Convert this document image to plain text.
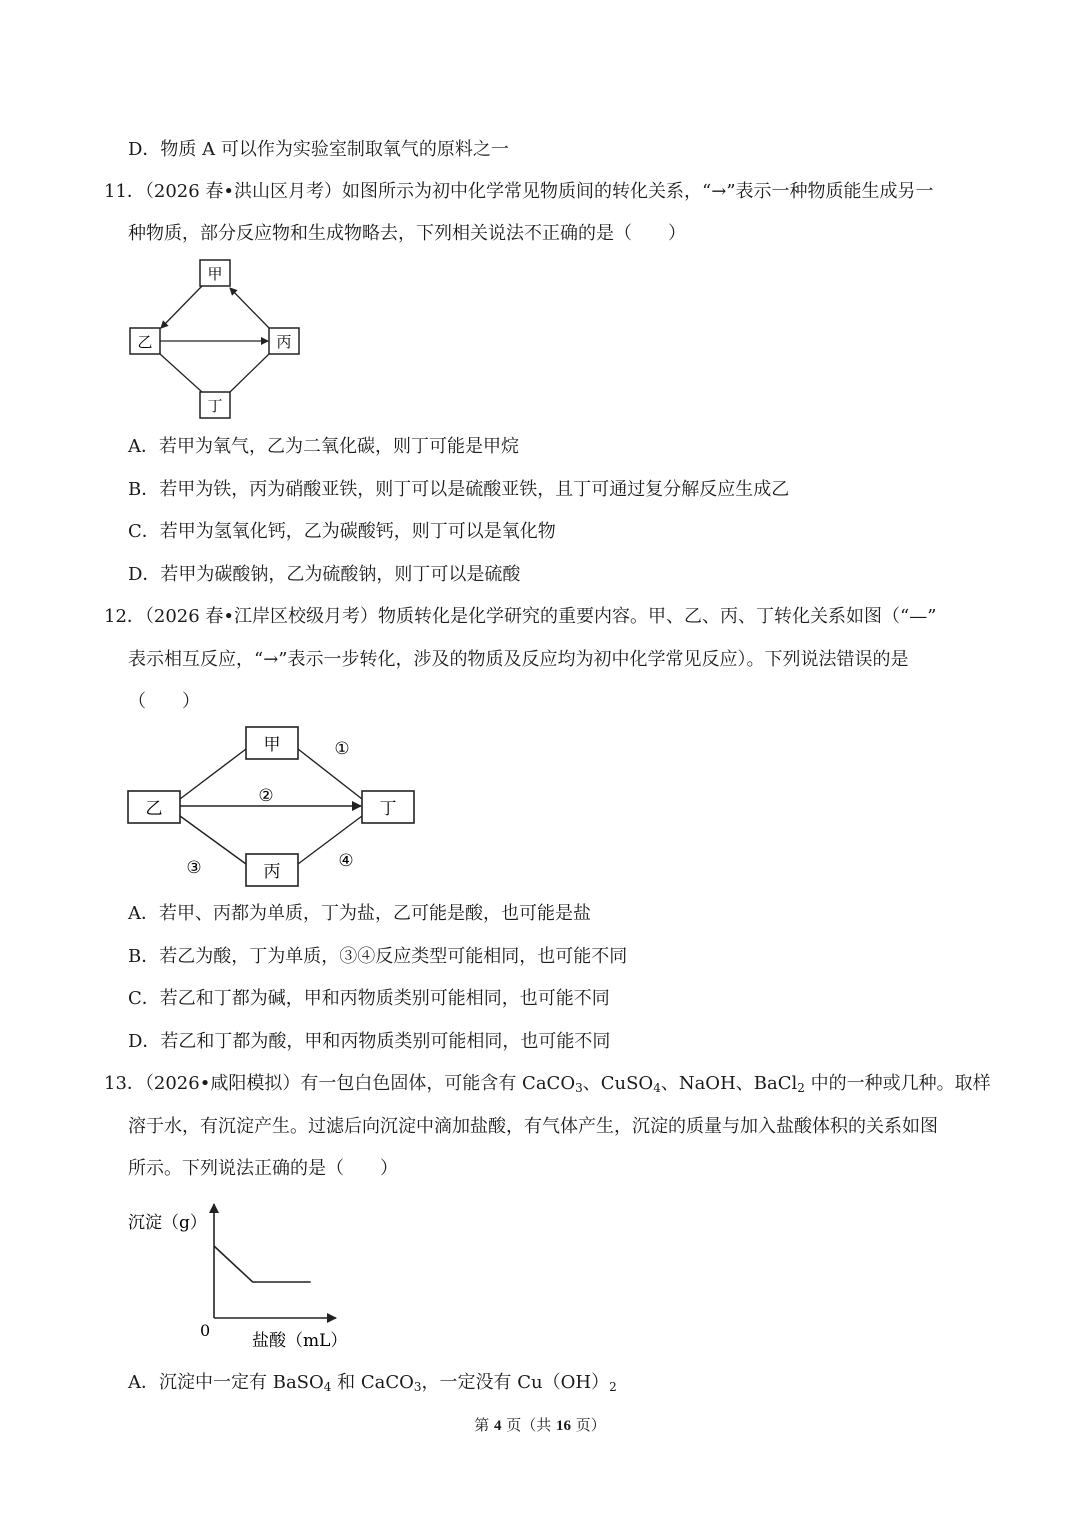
D．物质 A 可以作为实验室制取氧气的原料之一
11．（2026 春•洪山区月考）如图所示为初中化学常见物质间的转化关系，“→”表示一种物质能生成另一
种物质，部分反应物和生成物略去，下列相关说法不正确的是（　　）
甲
乙	丙
丁
A．若甲为氧气，乙为二氧化碳，则丁可能是甲烷
B．若甲为铁，丙为硝酸亚铁，则丁可以是硫酸亚铁，且丁可通过复分解反应生成乙
C．若甲为氢氧化钙，乙为碳酸钙，则丁可以是氧化物
D．若甲为碳酸钠，乙为硫酸钠，则丁可以是硫酸
12．（2026 春•江岸区校级月考）物质转化是化学研究的重要内容。甲、乙、丙、丁转化关系如图（“—”
表示相互反应，“→”表示一步转化，涉及的物质及反应均为初中化学常见反应）。下列说法错误的是
（　　）
甲
乙	丁
丙
①
②
③	④
A．若甲、丙都为单质，丁为盐，乙可能是酸，也可能是盐
B．若乙为酸，丁为单质，③④反应类型可能相同，也可能不同
C．若乙和丁都为碱，甲和丙物质类别可能相同，也可能不同
D．若乙和丁都为酸，甲和丙物质类别可能相同，也可能不同
13．（2026•咸阳模拟）有一包白色固体，可能含有 CaCO$_3$、CuSO$_4$、NaOH、BaCl$_2$ 中的一种或几种。取样
溶于水，有沉淀产生。过滤后向沉淀中滴加盐酸，有气体产生，沉淀的质量与加入盐酸体积的关系如图
所示。下列说法正确的是（　　）
沉淀（g）
0
盐酸（mL）
A．沉淀中一定有 BaSO$_4$ 和 CaCO$_3$，一定没有 $Cu(OH)_2$
第 4 页（共 16 页）
